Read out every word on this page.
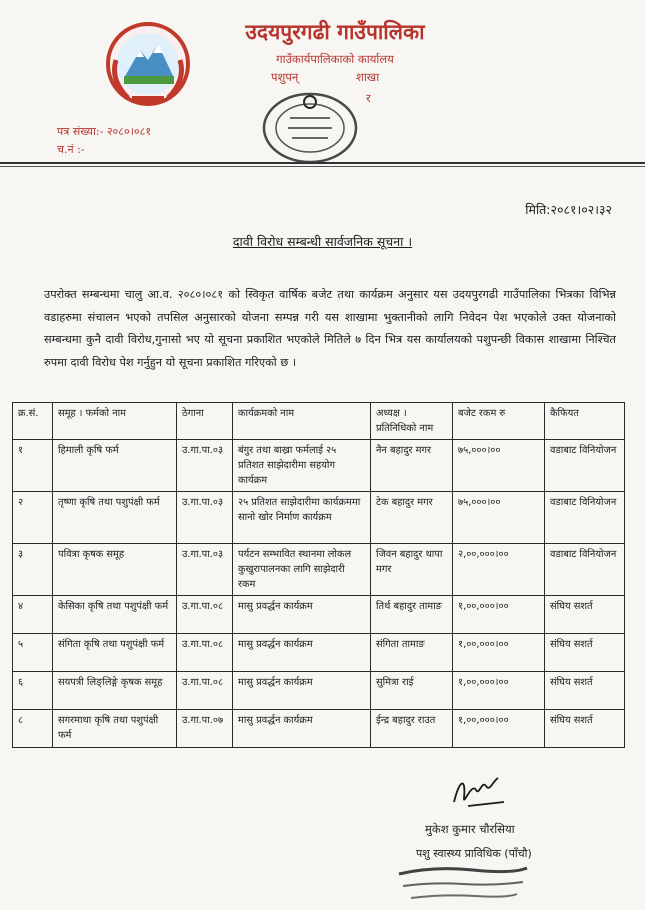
उदयपुरगढी गाउँपालिका
गाउँकार्यपालिकाको कार्यालय
पशुपन्	शाखा
र
पत्र संख्या:- २०८०।०८१
च.नं :-
मिति:२०८१।०२।३२
दावी विरोध सम्बन्धी सार्वजनिक सूचना ।
उपरोक्त सम्बन्धमा चालु आ.व. २०८०।०८१ को स्विकृत वार्षिक बजेट तथा कार्यक्रम अनुसार यस उदयपुरगढी गाउँपालिका भित्रका विभिन्न वडाहरुमा संचालन भएको तपसिल अनुसारको योजना सम्पन्न गरी यस शाखामा भुक्तानीको लागि निवेदन पेश भएकोले उक्त योजनाको सम्बन्धमा कुनै दावी विरोध,गुनासो भए यो सूचना प्रकाशित भएकोले मितिले ७ दिन भित्र यस कार्यालयको पशुपन्छी विकास शाखामा निश्चित रुपमा दावी विरोध पेश गर्नुहुन यो सूचना प्रकाशित गरिएको छ ।
क्र.सं.	समूह । फर्मको नाम	ठेगाना	कार्यक्रमको नाम	अध्यक्ष । प्रतिनिधिको नाम	बजेट रकम रु	कैफियत
१	हिमाली कृषि फर्म	उ.गा.पा.०३	बंगुर तथा बाख्रा फर्मलाई २५ प्रतिशत साझेदारीमा सहयोग कार्यक्रम	नैन बहादुर मगर	७५,०००।००	वडाबाट विनियोजन
२	तृष्णा कृषि तथा पशुपंक्षी फर्म	उ.गा.पा.०३	२५ प्रतिशत साझेदारीमा कार्यक्रममा सानो खोर निर्माण कार्यक्रम	टेक बहादुर मगर	७५,०००।००	वडाबाट विनियोजन
३	पवित्रा कृषक समूह	उ.गा.पा.०३	पर्यटन सम्भावित स्थानमा लोकल कुखुरापालनका लागि साझेदारी रकम	जिवन बहादुर थापा मगर	२,००,०००।००	वडाबाट विनियोजन
४	केसिका कृषि तथा पशुपंक्षी फर्म	उ.गा.पा.०८	मासु प्रवर्द्धन कार्यक्रम	तिर्थ बहादुर तामाङ	१,००,०००।००	संघिय सशर्त
५	संगिता कृषि तथा पशुपंक्षी फर्म	उ.गा.पा.०८	मासु प्रवर्द्धन कार्यक्रम	संगिता तामाङ	१,००,०००।००	संघिय सशर्त
६	सयपत्री लिङ्लिङ्गे कृषक समूह	उ.गा.पा.०८	मासु प्रवर्द्धन कार्यक्रम	सुमित्रा राई	१,००,०००।००	संघिय सशर्त
८	सगरमाथा कृषि तथा पशुपंक्षी फर्म	उ.गा.पा.०७	मासु प्रवर्द्धन कार्यक्रम	ईन्द्र बहादुर राउत	१,००,०००।००	संघिय सशर्त
मुकेश कुमार चौरसिया
पशु स्वास्थ्य प्राविधिक (पाँचौ)
